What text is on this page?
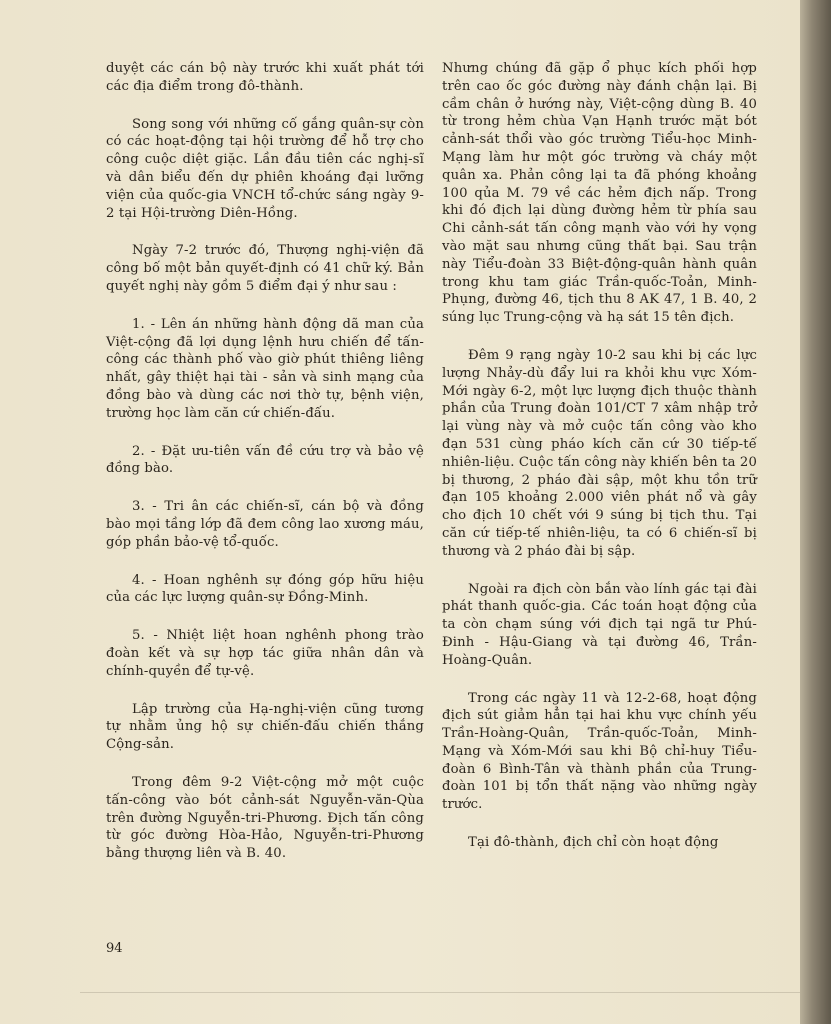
duyệt các cán bộ này trước khi xuất phát tới các địa điểm trong đô-thành.

Song song với những cố gắng quân-sự còn có các hoạt-động tại hội trường để hỗ trợ cho công cuộc diệt giặc. Lần đầu tiên các nghị-sĩ và dân biểu đến dự phiên khoáng đại lưỡng viện của quốc-gia VNCH tổ-chức sáng ngày 9-2 tại Hội-trường Diên-Hồng.

Ngày 7-2 trước đó, Thượng nghị-viện đã công bố một bản quyết-định có 41 chữ ký. Bản quyết nghị này gồm 5 điểm đại ý như sau :

1. - Lên án những hành động dã man của Việt-cộng đã lợi dụng lệnh hưu chiến để tấn-công các thành phố vào giờ phút thiêng liêng nhất, gây thiệt hại tài - sản và sinh mạng của đồng bào và dùng các nơi thờ tự, bệnh viện, trường học làm căn cứ chiến-đấu.

2. - Đặt ưu-tiên vấn đề cứu trợ và bảo vệ đồng bào.

3. - Tri ân các chiến-sĩ, cán bộ và đồng bào mọi tầng lớp đã đem công lao xương máu, góp phần bảo-vệ tổ-quốc.

4. - Hoan nghênh sự đóng góp hữu hiệu của các lực lượng quân-sự Đồng-Minh.

5. - Nhiệt liệt hoan nghênh phong trào đoàn kết và sự hợp tác giữa nhân dân và chính-quyền để tự-vệ.

Lập trường của Hạ-nghị-viện cũng tương tự nhằm ủng hộ sự chiến-đấu chiến thắng Cộng-sản.

Trong đêm 9-2 Việt-cộng mở một cuộc tấn-công vào bót cảnh-sát Nguyễn-văn-Qùa trên đường Nguyễn-tri-Phương. Địch tấn công từ góc đường Hòa-Hảo, Nguyễn-tri-Phương bằng thượng liên và B. 40.

Nhưng chúng đã gặp ổ phục kích phối hợp trên cao ốc góc đường này đánh chận lại. Bị cầm chân ở hướng này, Việt-cộng dùng B. 40 từ trong hẻm chùa Vạn Hạnh trước mặt bót cảnh-sát thổi vào góc trường Tiểu-học Minh-Mạng làm hư một góc trường và cháy một quân xa. Phản công lại ta đã phóng khoảng 100 qủa M. 79 về các hẻm địch nấp. Trong khi đó địch lại dùng đường hẻm từ phía sau Chi cảnh-sát tấn công mạnh vào với hy vọng vào mặt sau nhưng cũng thất bại. Sau trận này Tiểu-đoàn 33 Biệt-động-quân hành quân trong khu tam giác Trần-quốc-Toản, Minh-Phụng, đường 46, tịch thu 8 AK 47, 1 B. 40, 2 súng lục Trung-cộng và hạ sát 15 tên địch.

Đêm 9 rạng ngày 10-2 sau khi bị các lực lượng Nhảy-dù đẩy lui ra khỏi khu vực Xóm-Mới ngày 6-2, một lực lượng địch thuộc thành phần của Trung đoàn 101/CT 7 xâm nhập trở lại vùng này và mở cuộc tấn công vào kho đạn 531 cùng pháo kích căn cứ 30 tiếp-tế nhiên-liệu. Cuộc tấn công này khiến bên ta 20 bị thương, 2 pháo đài sập, một khu tồn trữ đạn 105 khoảng 2.000 viên phát nổ và gây cho địch 10 chết với 9 súng bị tịch thu. Tại căn cứ tiếp-tế nhiên-liệu, ta có 6 chiến-sĩ bị thương và 2 pháo đài bị sập.

Ngoài ra địch còn bắn vào lính gác tại đài phát thanh quốc-gia. Các toán hoạt động của ta còn chạm súng với địch tại ngã tư Phú-Đinh - Hậu-Giang và tại đường 46, Trần-Hoàng-Quân.

Trong các ngày 11 và 12-2-68, hoạt động địch sút giảm hẳn tại hai khu vực chính yếu Trần-Hoàng-Quân, Trần-quốc-Toản, Minh-Mạng và Xóm-Mới sau khi Bộ chỉ-huy Tiểu-đoàn 6 Bình-Tân và thành phần của Trung-đoàn 101 bị tổn thất nặng vào những ngày trước.

Tại đô-thành, địch chỉ còn hoạt động

94
